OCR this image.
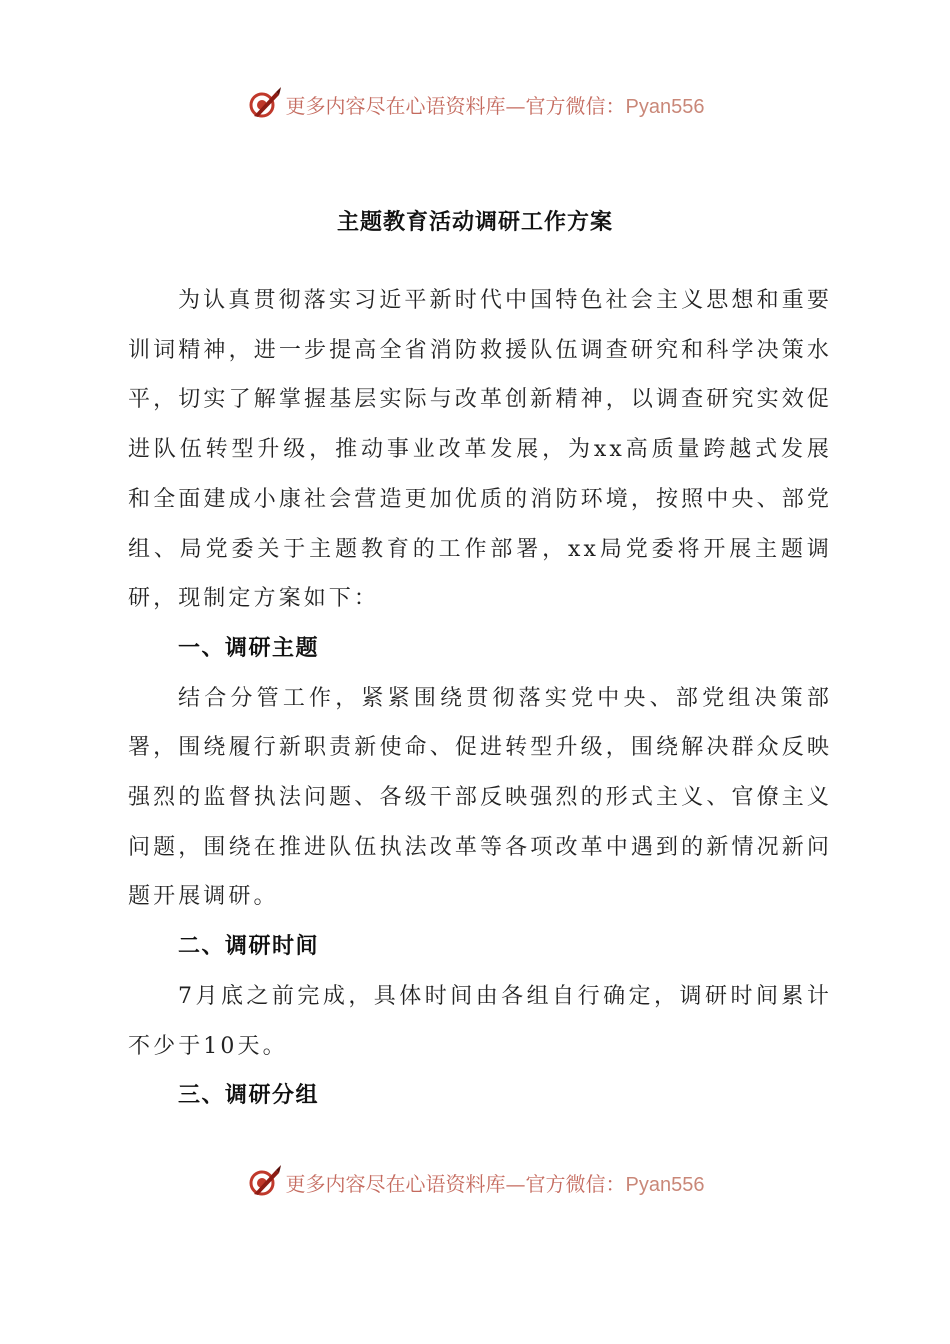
更多内容尽在心语资料库—官方微信：Pyan556
主题教育活动调研工作方案

为认真贯彻落实习近平新时代中国特色社会主义思想和重要训词精神，进一步提高全省消防救援队伍调查研究和科学决策水平，切实了解掌握基层实际与改革创新精神，以调查研究实效促进队伍转型升级，推动事业改革发展，为xx高质量跨越式发展和全面建成小康社会营造更加优质的消防环境，按照中央、部党组、局党委关于主题教育的工作部署，xx局党委将开展主题调研，现制定方案如下：

一、调研主题

结合分管工作，紧紧围绕贯彻落实党中央、部党组决策部署，围绕履行新职责新使命、促进转型升级，围绕解决群众反映强烈的监督执法问题、各级干部反映强烈的形式主义、官僚主义问题，围绕在推进队伍执法改革等各项改革中遇到的新情况新问题开展调研。

二、调研时间

7月底之前完成，具体时间由各组自行确定，调研时间累计不少于10天。

三、调研分组

更多内容尽在心语资料库—官方微信：Pyan556
